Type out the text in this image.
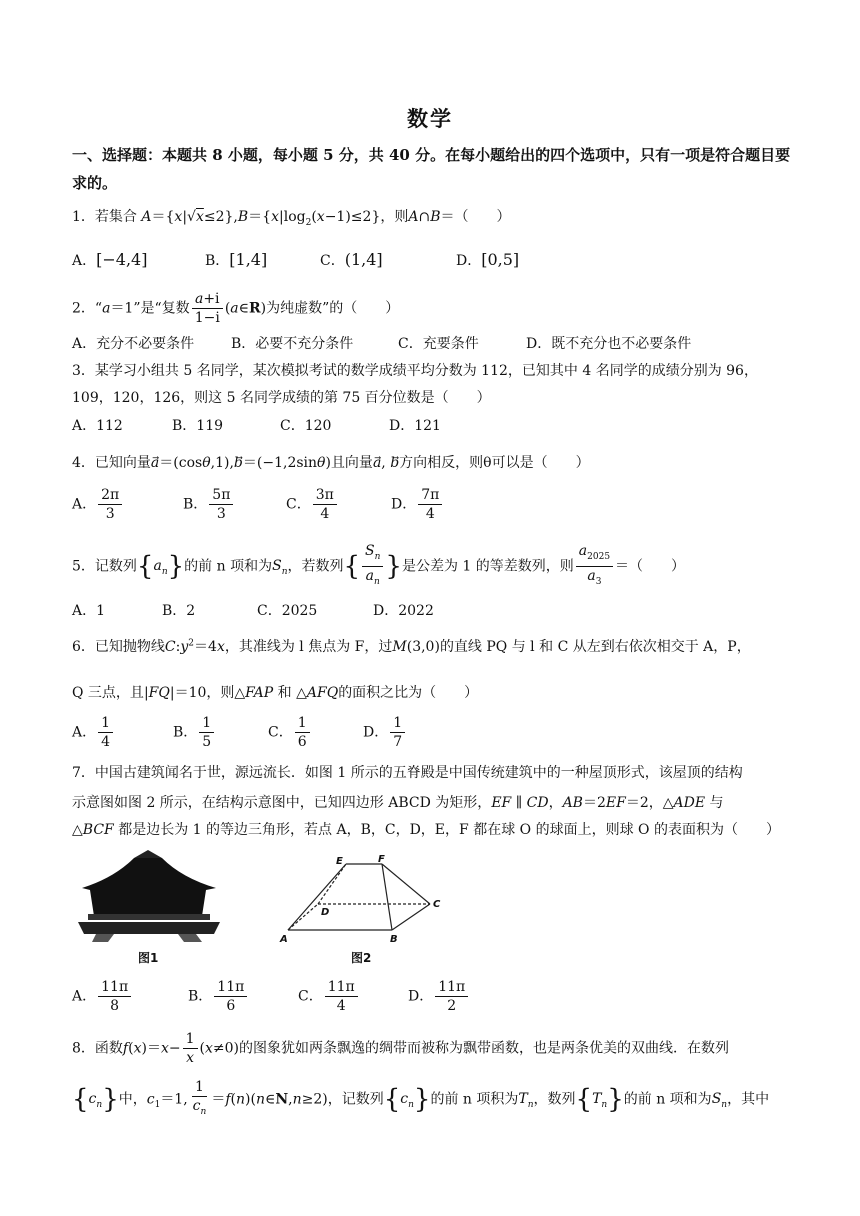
数学
一、选择题：本题共 8 小题，每小题 5 分，共 40 分。在每小题给出的四个选项中，只有一项是符合题目要求的。
1．若集合 $A=\{x|√x\le 2\},B=\{x|\log_2(x-1)\le 2\}$，则A∩B＝（　　）
A．[−4,4]	B．[1,4]	C．(1,4]	D．[0,5]
2．“a＝1”是“复数 $\frac{a+i}{1-i}$ (a∈R)为纯虚数”的（　　）
A．充分不必要条件	B．必要不充分条件	C．充要条件	D．既不充分也不必要条件
3．某学习小组共 5 名同学，某次模拟考试的数学成绩平均分数为 112，已知其中 4 名同学的成绩分别为 96，
109，120，126，则这 5 名同学成绩的第 75 百分位数是（　　）
A．112	B．119	C．120	D．121
4．已知向量a⃗＝(cosθ,1),b⃗＝(−1,2sinθ)且向量a⃗, b方向相反，则θ可以是（　　）
A． $\frac{2\pi}{3}$	B． $\frac{5\pi}{3}$	C． $\frac{3\pi}{4}$	D． $\frac{7\pi}{4}$
5．记数列$\{a_n\}$的前 n 项和为$S_n$，若数列{ $\frac{S_n}{a_n}$ }是公差为 1 的等差数列，则 $\frac{a_{2025}}{a_3}$ ＝（　　）
A．1	B．2	C．2025	D．2022
6．已知抛物线$C:y^2=4x$，其准线为 l 焦点为 F，过M(3,0)的直线 PQ 与 l 和 C 从左到右依次相交于 A，P，
Q 三点，且|FQ|＝10，则△FAP 和 △AFQ的面积之比为（　　）
A． $\frac{1}{4}$	B． $\frac{1}{5}$	C． $\frac{1}{6}$	D． $\frac{1}{7}$
7．中国古建筑闻名于世，源远流长．如图 1 所示的五脊殿是中国传统建筑中的一种屋顶形式，该屋顶的结构
示意图如图 2 所示，在结构示意图中，已知四边形 ABCD 为矩形，EF ∥ CD，AB＝2EF＝2，△ADE 与
△BCF 都是边长为 1 的等边三角形，若点 A，B，C，D，E，F 都在球 O 的球面上，则球 O 的表面积为（　　）
图1
E	F
D
C
A	B
图2
A． $\frac{11\pi}{8}$	B． $\frac{11\pi}{6}$	C． $\frac{11\pi}{4}$	D． $\frac{11\pi}{2}$
8．函数$f(x)=x- \frac{1}{x} (x\ne 0)$的图象犹如两条飘逸的绸带而被称为飘带函数，也是两条优美的双曲线．在数列
$\{c_n\}$中，$c_1=1$, $\frac{1}{c_n}$ ＝f(n)(n∈N,n≥2)，记数列$\{c_n\}$的前 n 项积为$T_n$，数列$\{T_n\}$的前 n 项和为$S_n$，其中
